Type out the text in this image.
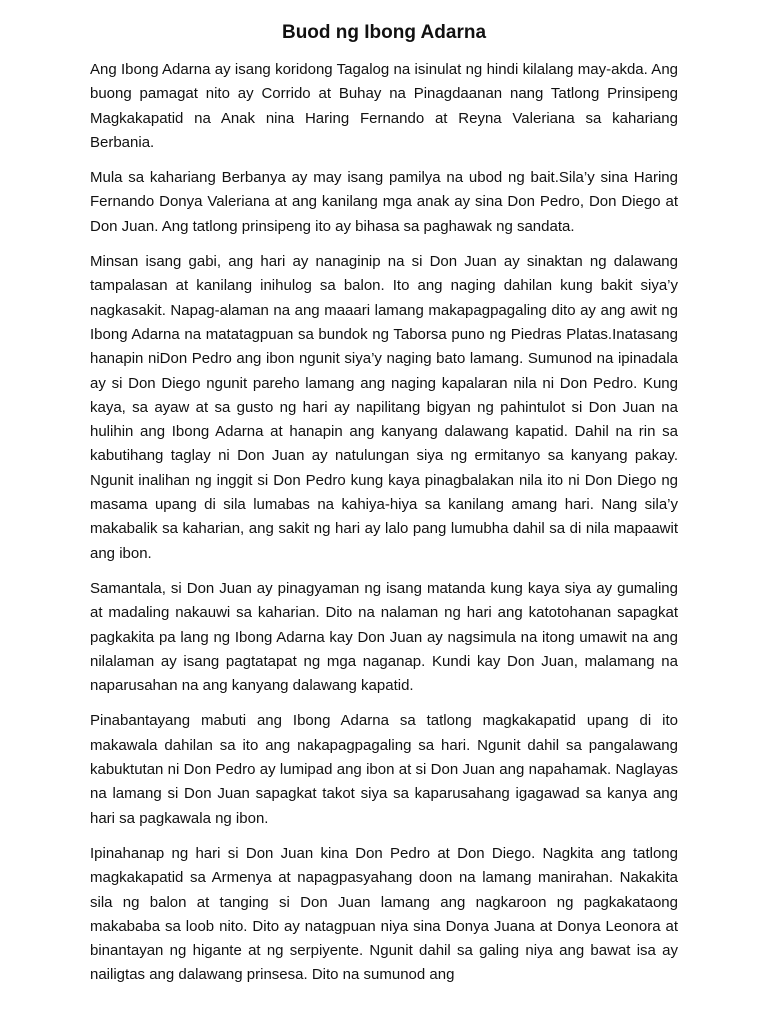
Buod ng Ibong Adarna

Ang Ibong Adarna ay isang koridong Tagalog na isinulat ng hindi kilalang may-akda. Ang buong pamagat nito ay Corrido at Buhay na Pinagdaanan nang Tatlong Prinsipeng Magkakapatid na Anak nina Haring Fernando at Reyna Valeriana sa kahariang Berbania.

Mula sa kahariang Berbanya ay may isang pamilya na ubod ng bait.Sila’y sina Haring Fernando Donya Valeriana at ang kanilang mga anak ay sina Don Pedro, Don Diego at Don Juan. Ang tatlong prinsipeng ito ay bihasa sa paghawak ng sandata.

Minsan isang gabi, ang hari ay nanaginip na si Don Juan ay sinaktan ng dalawang tampalasan at kanilang inihulog sa balon. Ito ang naging dahilan kung bakit siya’y nagkasakit. Napag-alaman na ang maaari lamang makapagpagaling dito ay ang awit ng Ibong Adarna na matatagpuan sa bundok ng Taborsa puno ng Piedras Platas.Inatasang hanapin niDon Pedro ang ibon ngunit siya’y naging bato lamang. Sumunod na ipinadala ay si Don Diego ngunit pareho lamang ang naging kapalaran nila ni Don Pedro. Kung kaya, sa ayaw at sa gusto ng hari ay napilitang bigyan ng pahintulot si Don Juan na hulihin ang Ibong Adarna at hanapin ang kanyang dalawang kapatid. Dahil na rin sa kabutihang taglay ni Don Juan ay natulungan siya ng ermitanyo sa kanyang pakay. Ngunit inalihan ng inggit si Don Pedro kung kaya pinagbalakan nila ito ni Don Diego ng masama upang di sila lumabas na kahiya-hiya sa kanilang amang hari. Nang sila’y makabalik sa kaharian, ang sakit ng hari ay lalo pang lumubha dahil sa di nila mapaawit ang ibon.

Samantala, si Don Juan ay pinagyaman ng isang matanda kung kaya siya ay gumaling at madaling nakauwi sa kaharian. Dito na nalaman ng hari ang katotohanan sapagkat pagkakita pa lang ng Ibong Adarna kay Don Juan ay nagsimula na itong umawit na ang nilalaman ay isang pagtatapat ng mga naganap. Kundi kay Don Juan, malamang na naparusahan na ang kanyang dalawang kapatid.

Pinabantayang mabuti ang Ibong Adarna sa tatlong magkakapatid upang di ito makawala dahilan sa ito ang nakapagpagaling sa hari. Ngunit dahil sa pangalawang kabuktutan ni Don Pedro ay lumipad ang ibon at si Don Juan ang napahamak. Naglayas na lamang si Don Juan sapagkat takot siya sa kaparusahang igagawad sa kanya ang hari sa pagkawala ng ibon.

Ipinahanap ng hari si Don Juan kina Don Pedro at Don Diego. Nagkita ang tatlong magkakapatid sa Armenya at napagpasyahang doon na lamang manirahan. Nakakita sila ng balon at tanging si Don Juan lamang ang nagkaroon ng pagkakataong makababa sa loob nito. Dito ay natagpuan niya sina Donya Juana at Donya Leonora at binantayan ng higante at ng serpiyente. Ngunit dahil sa galing niya ang bawat isa ay nailigtas ang dalawang prinsesa. Dito na sumunod ang
